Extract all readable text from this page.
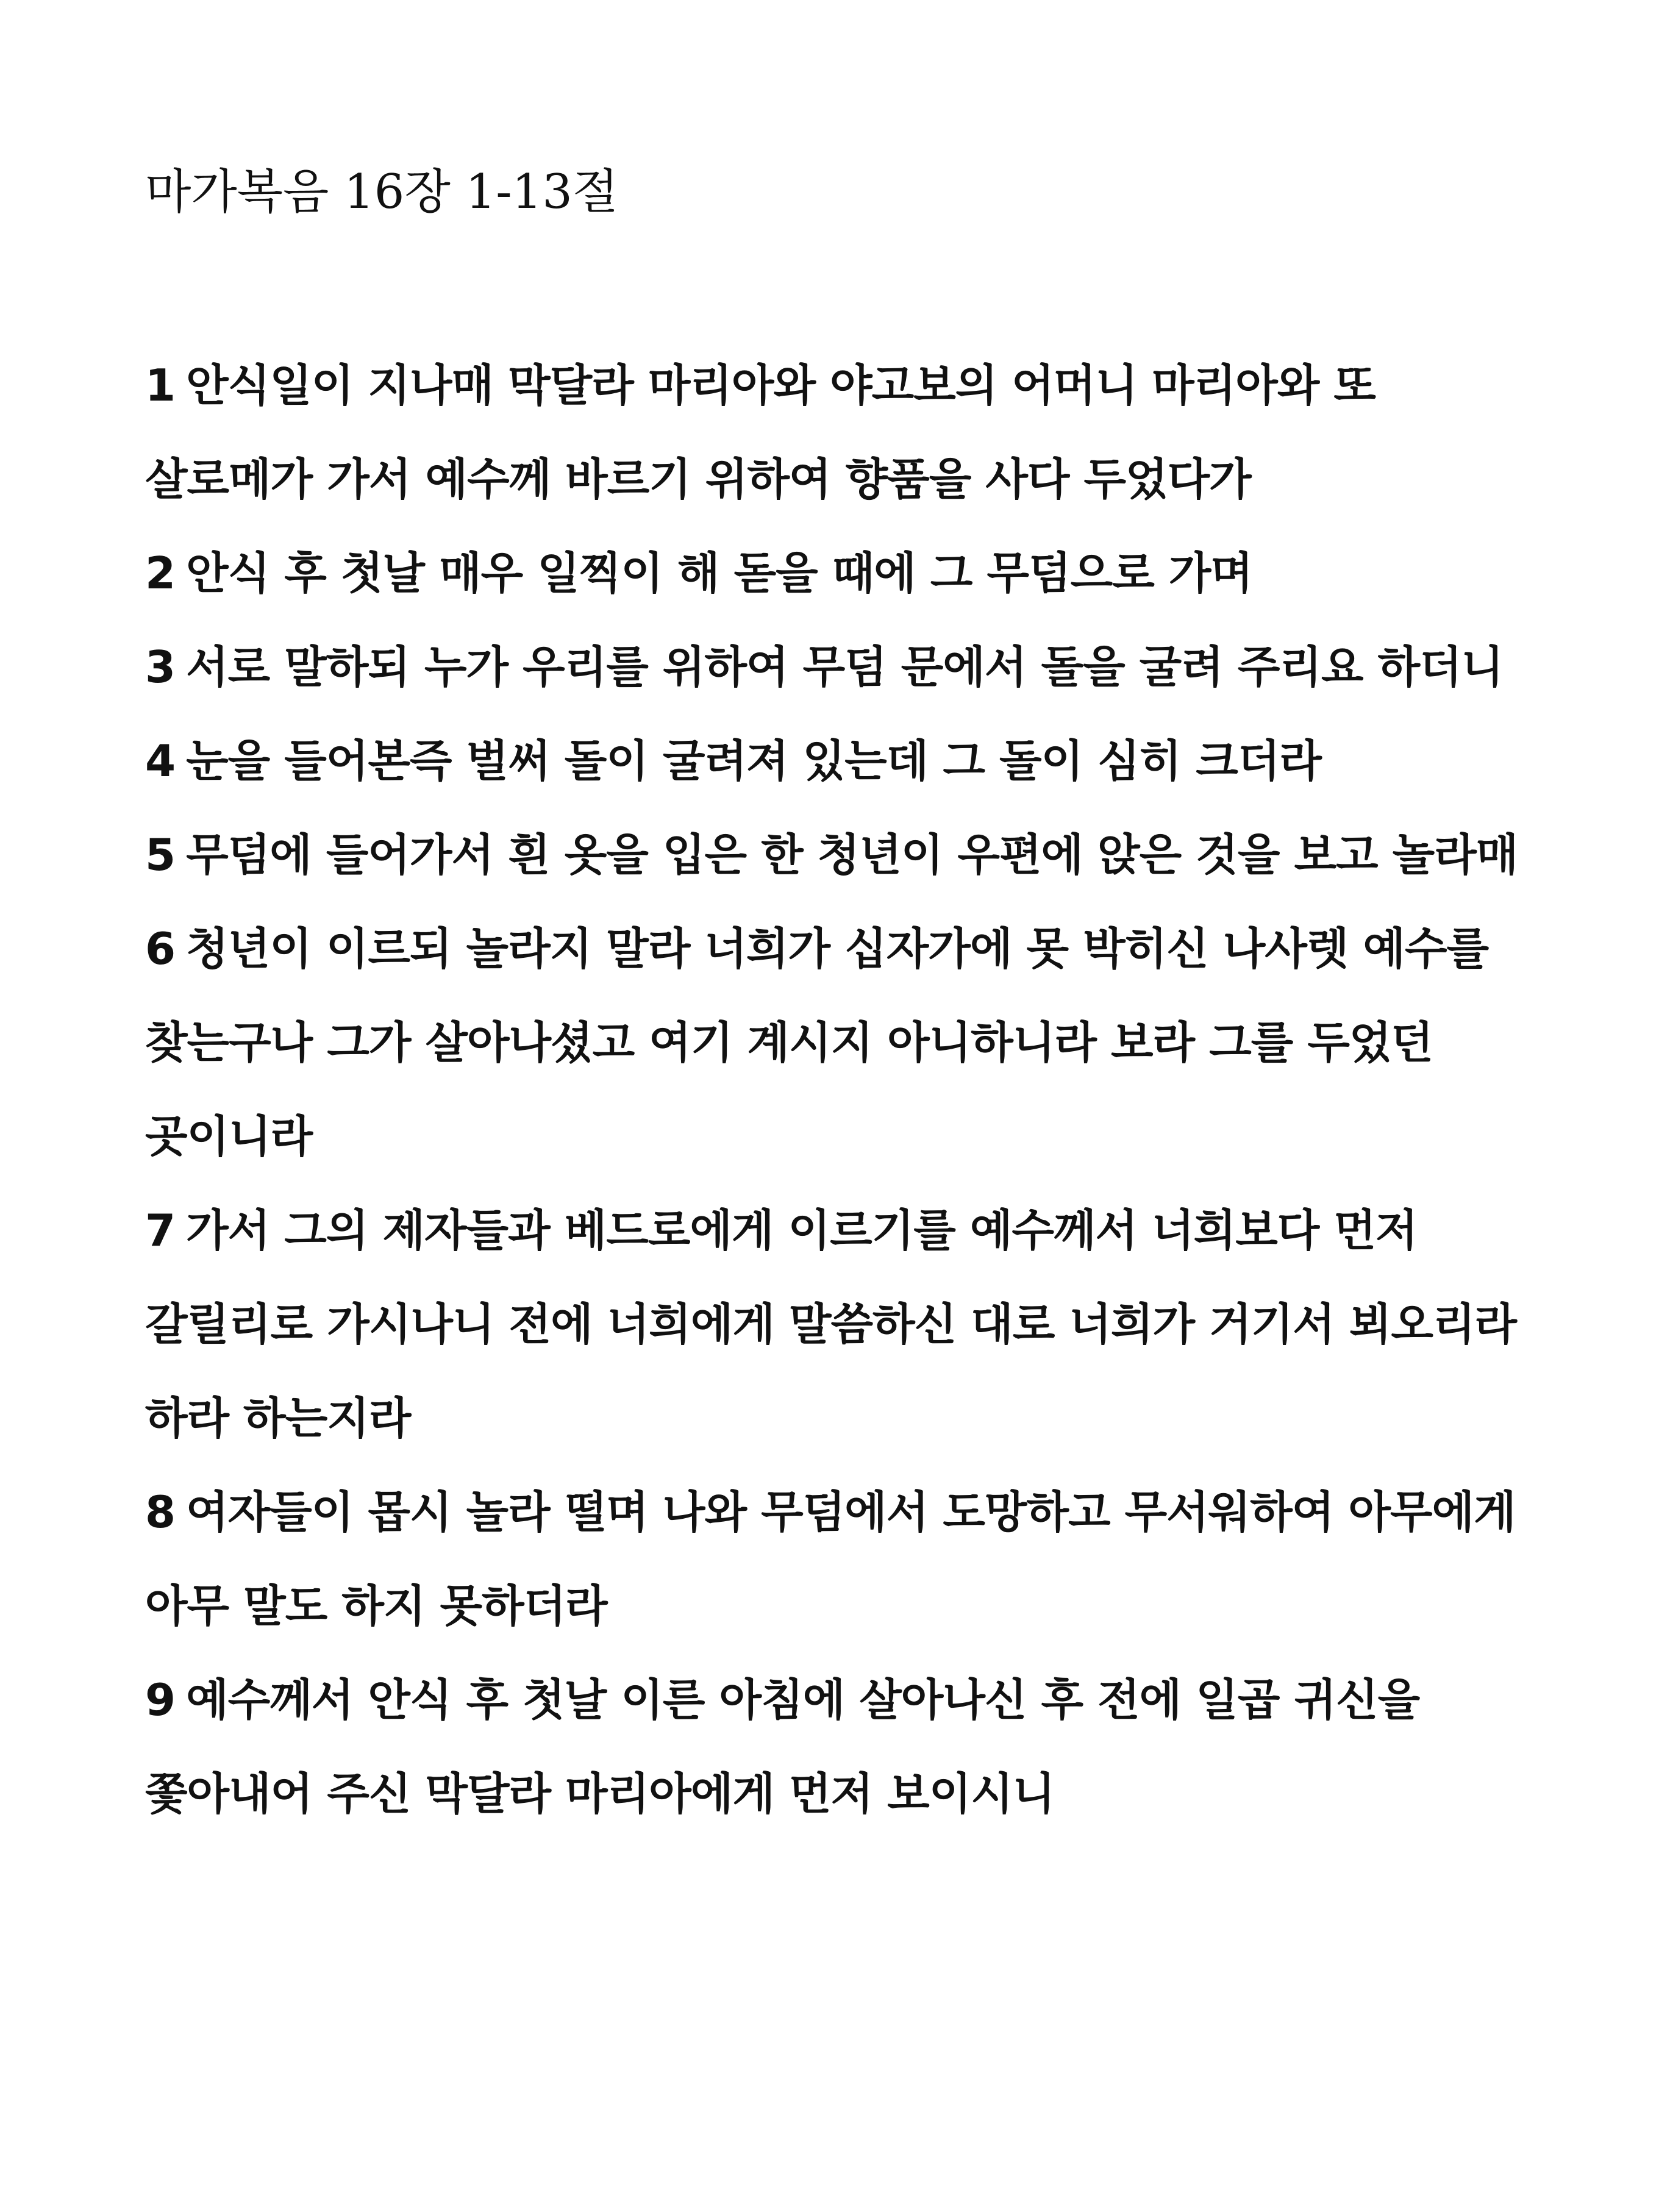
마가복음 16장 1-13절
1 안식일이 지나매 막달라 마리아와 야고보의 어머니 마리아와 또 살로메가 가서 예수께 바르기 위하여 향품을 사다 두었다가
2 안식 후 첫날 매우 일찍이 해 돋을 때에 그 무덤으로 가며
3 서로 말하되 누가 우리를 위하여 무덤 문에서 돌을 굴려 주리요 하더니
4 눈을 들어본즉 벌써 돌이 굴려져 있는데 그 돌이 심히 크더라
5 무덤에 들어가서 흰 옷을 입은 한 청년이 우편에 앉은 것을 보고 놀라매
6 청년이 이르되 놀라지 말라 너희가 십자가에 못 박히신 나사렛 예수를 찾는구나 그가 살아나셨고 여기 계시지 아니하니라 보라 그를 두었던 곳이니라
7 가서 그의 제자들과 베드로에게 이르기를 예수께서 너희보다 먼저 갈릴리로 가시나니 전에 너희에게 말씀하신 대로 너희가 거기서 뵈오리라 하라 하는지라
8 여자들이 몹시 놀라 떨며 나와 무덤에서 도망하고 무서워하여 아무에게 아무 말도 하지 못하더라
9 예수께서 안식 후 첫날 이른 아침에 살아나신 후 전에 일곱 귀신을 쫓아내어 주신 막달라 마리아에게 먼저 보이시니
